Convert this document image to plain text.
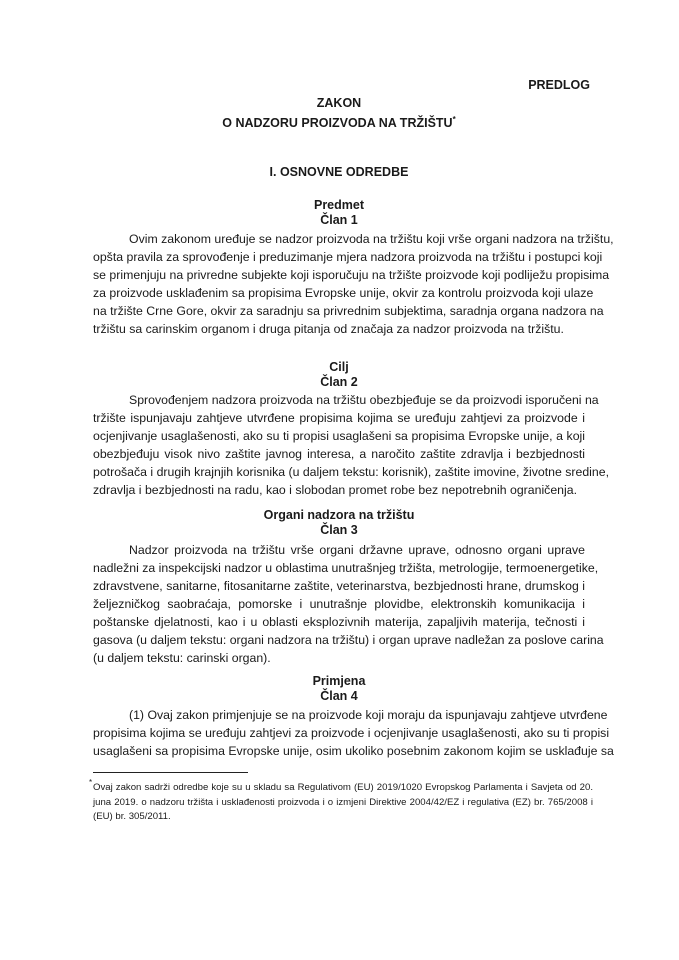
PREDLOG
ZAKON
O NADZORU PROIZVODA NA TRŽIŠTU*
I. OSNOVNE ODREDBE
Predmet
Član 1
Ovim zakonom uređuje se nadzor proizvoda na tržištu koji vrše organi nadzora na tržištu,
opšta pravila za sprovođenje i preduzimanje mjera nadzora proizvoda na tržištu i postupci koji
se primenjuju na privredne subjekte koji isporučuju na tržište proizvode koji podliježu propisima
za proizvode usklađenim sa propisima Evropske unije, okvir za kontrolu proizvoda koji ulaze
na tržište Crne Gore, okvir za saradnju sa privrednim subjektima, saradnja organa nadzora na
tržištu sa carinskim organom i druga pitanja od značaja za nadzor proizvoda na tržištu.
Cilj
Član 2
Sprovođenjem nadzora proizvoda na tržištu obezbjeđuje se da proizvodi isporučeni na
tržište ispunjavaju zahtjeve utvrđene propisima kojima se uređuju zahtjevi za proizvode i
ocjenjivanje usaglašenosti, ako su ti propisi usaglašeni sa propisima Evropske unije, a koji
obezbjeđuju visok nivo zaštite javnog interesa, a naročito zaštite zdravlja i bezbjednosti
potrošača i drugih krajnjih korisnika (u daljem tekstu: korisnik), zaštite imovine, životne sredine,
zdravlja i bezbjednosti na radu, kao i slobodan promet robe bez nepotrebnih ograničenja.
Organi nadzora na tržištu
Član 3
Nadzor proizvoda na tržištu vrše organi državne uprave, odnosno organi uprave
nadležni za inspekcijski nadzor u oblastima unutrašnjeg tržišta, metrologije, termoenergetike,
zdravstvene, sanitarne, fitosanitarne zaštite, veterinarstva, bezbjednosti hrane, drumskog i
željezničkog saobraćaja, pomorske i unutrašnje plovidbe, elektronskih komunikacija i
poštanske djelatnosti, kao i u oblasti eksplozivnih materija, zapaljivih materija, tečnosti i
gasova (u daljem tekstu: organi nadzora na tržištu) i organ uprave nadležan za poslove carina
(u daljem tekstu: carinski organ).
Primjena
Član 4
(1) Ovaj zakon primjenjuje se na proizvode koji moraju da ispunjavaju zahtjeve utvrđene
propisima kojima se uređuju zahtjevi za proizvode i ocjenjivanje usaglašenosti, ako su ti propisi
usaglašeni sa propisima Evropske unije, osim ukoliko posebnim zakonom kojim se usklađuje sa
* Ovaj zakon sadrži odredbe koje su u skladu sa Regulativom (EU) 2019/1020 Evropskog Parlamenta i Savjeta od 20.
juna 2019. o nadzoru tržišta i usklađenosti proizvoda i o izmjeni Direktive 2004/42/EZ i regulativa (EZ) br. 765/2008 i
(EU) br. 305/2011.
